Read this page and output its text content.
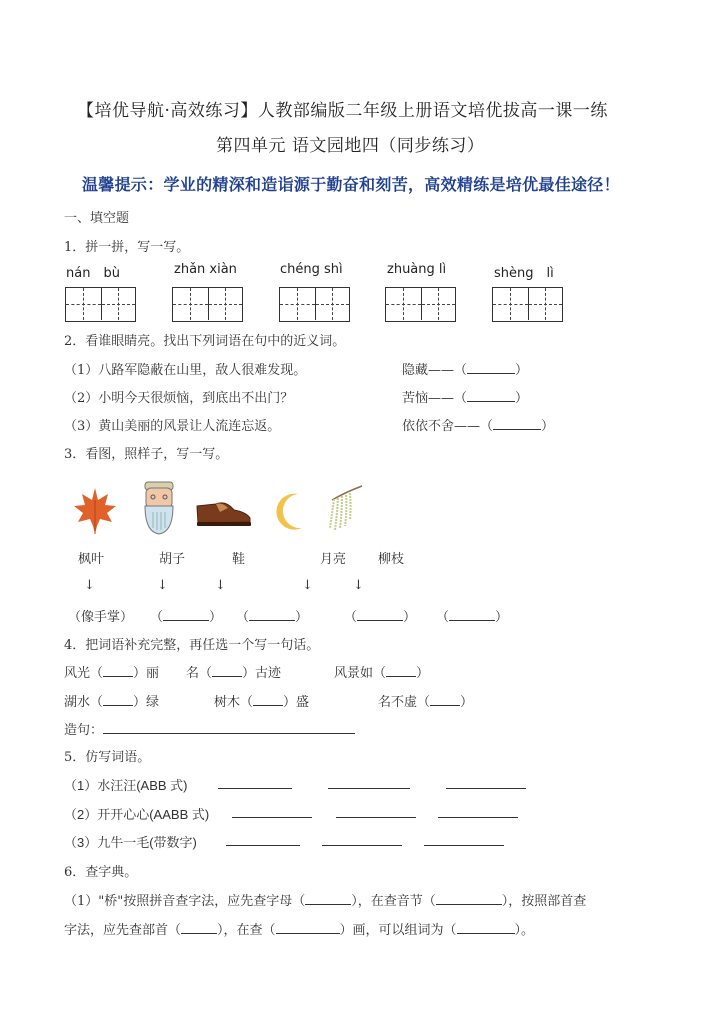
【培优导航·高效练习】人教部编版二年级上册语文培优拔高一课一练
第四单元 语文园地四（同步练习）
温馨提示：学业的精深和造诣源于勤奋和刻苦，高效精练是培优最佳途径！
一、填空题
1．拼一拼，写一写。
nán　bù	zhǎn xiàn	chéng shì	zhuàng lì	shèng　lì
2．看谁眼睛亮。找出下列词语在句中的近义词。
（1）八路军隐蔽在山里，敌人很难发现。	隐藏——（	）
（2）小明今天很烦恼，到底出不出门？	苦恼——（	）
（3）黄山美丽的风景让人流连忘返。	依依不舍——（	）
3．看图，照样子，写一写。
枫叶	胡子	鞋	月亮 柳枝
↓	↓	↓	↓	↓
（像手掌） （	） （	）	（	） （	）
4．把词语补充完整，再任选一个写一句话。
风光（ ）丽 名（ ）古迹	风景如（ ）
湖水（ ）绿	树木（ ）盛	名不虚（ ）
造句：
5．仿写词语。
（1）水汪汪(ABB 式)
（2）开开心心(AABB 式)
（3）九牛一毛(带数字)
6．查字典。
（1）"桥"按照拼音查字法，应先查字母（	），在查音节（	），按照部首查
字法，应先查部首（	），在查（	）画，可以组词为（	）。
